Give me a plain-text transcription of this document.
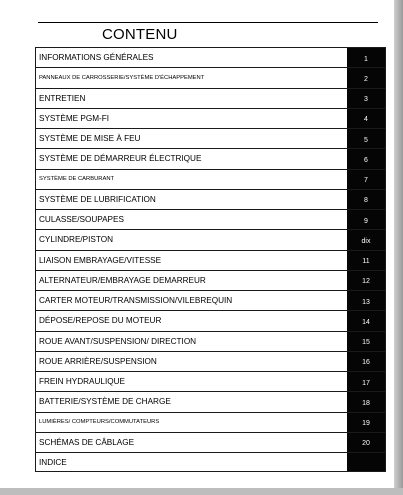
CONTENU
INFORMATIONS GÉNÉRALES	1
PANNEAUX DE CARROSSERIE/SYSTÈME D'ÉCHAPPEMENT	2
ENTRETIEN	3
SYSTÈME PGM-FI	4
SYSTÈME DE MISE À FEU	5
SYSTÈME DE DÉMARREUR ÉLECTRIQUE	6
SYSTÈME DE CARBURANT	7
SYSTÈME DE LUBRIFICATION	8
CULASSE/SOUPAPES	9
CYLINDRE/PISTON	dix
LIAISON EMBRAYAGE/VITESSE	11
ALTERNATEUR/EMBRAYAGE DEMARREUR	12
CARTER MOTEUR/TRANSMISSION/VILEBREQUIN	13
DÉPOSE/REPOSE DU MOTEUR	14
ROUE AVANT/SUSPENSION/ DIRECTION	15
ROUE ARRIÈRE/SUSPENSION	16
FREIN HYDRAULIQUE	17
BATTERIE/SYSTÈME DE CHARGE	18
LUMIÈRES/ COMPTEURS/COMMUTATEURS	19
SCHÉMAS DE CÂBLAGE	20
INDICE
